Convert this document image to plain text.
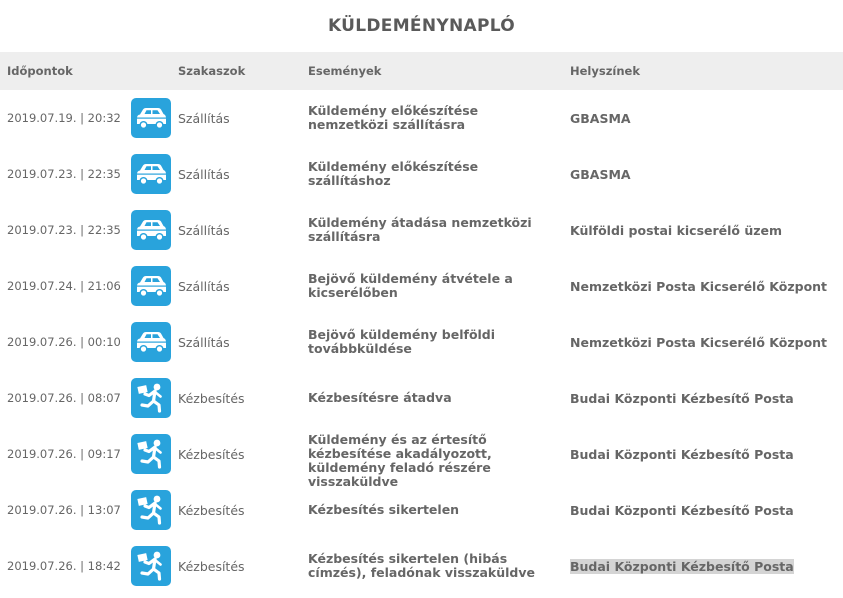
KÜLDEMÉNYNAPLÓ
Időpontok		Szakaszok	Események	Helyszínek
2019.07.19. | 20:32		Szállítás	Küldemény előkészítése nemzetközi szállításra	GBASMA
2019.07.23. | 22:35		Szállítás	Küldemény előkészítése szállításhoz	GBASMA
2019.07.23. | 22:35		Szállítás	Küldemény átadása nemzetközi szállításra	Külföldi postai kicserélő üzem
2019.07.24. | 21:06		Szállítás	Bejövő küldemény átvétele a kicserélőben	Nemzetközi Posta Kicserélő Központ
2019.07.26. | 00:10		Szállítás	Bejövő küldemény belföldi továbbküldése	Nemzetközi Posta Kicserélő Központ
2019.07.26. | 08:07		Kézbesítés	Kézbesítésre átadva	Budai Központi Kézbesítő Posta
2019.07.26. | 09:17		Kézbesítés	Küldemény és az értesítő kézbesítése akadályozott, küldemény feladó részére visszaküldve	Budai Központi Kézbesítő Posta
2019.07.26. | 13:07		Kézbesítés	Kézbesítés sikertelen	Budai Központi Kézbesítő Posta
2019.07.26. | 18:42		Kézbesítés	Kézbesítés sikertelen (hibás címzés), feladónak visszaküldve	Budai Központi Kézbesítő Posta
